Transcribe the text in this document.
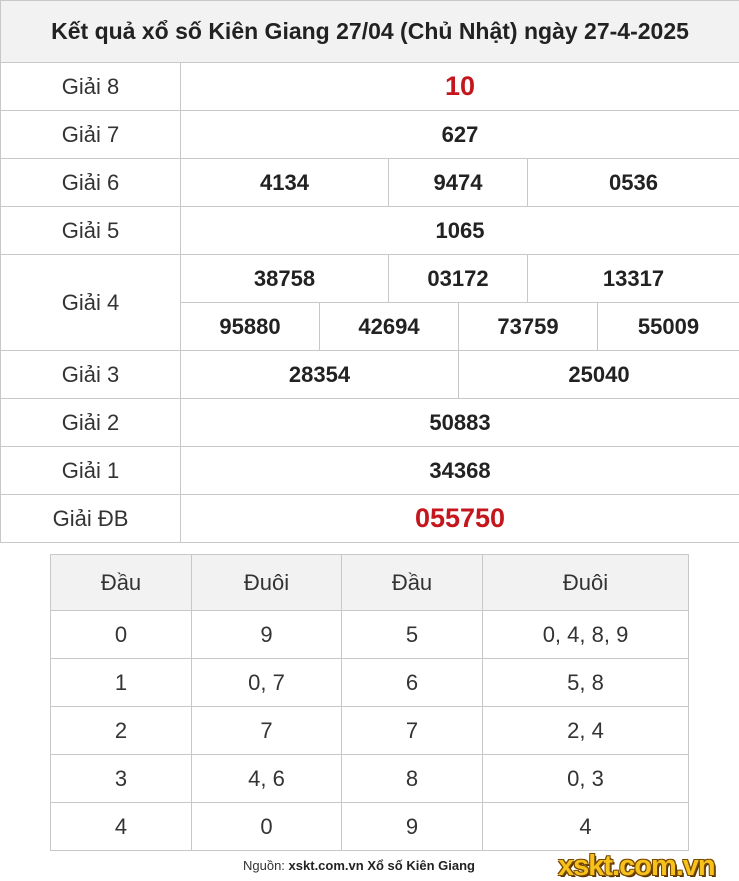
Kết quả xổ số Kiên Giang 27/04 (Chủ Nhật) ngày 27-4-2025						
Giải 8	10					
Giải 7	627					
Giải 6	4134		9474		0536	
Giải 5	1065					
Giải 4	38758		03172		13317	
	95880	42694		73759		55009
Giải 3	28354			25040		
Giải 2	50883					
Giải 1	34368					
Giải ĐB	055750					
Đầu	Đuôi	Đầu	Đuôi
0	9	5	0, 4, 8, 9
1	0, 7	6	5, 8
2	7	7	2, 4
3	4, 6	8	0, 3
4	0	9	4
Nguồn: xskt.com.vn Xổ số Kiên Giang	xskt.com.vn
